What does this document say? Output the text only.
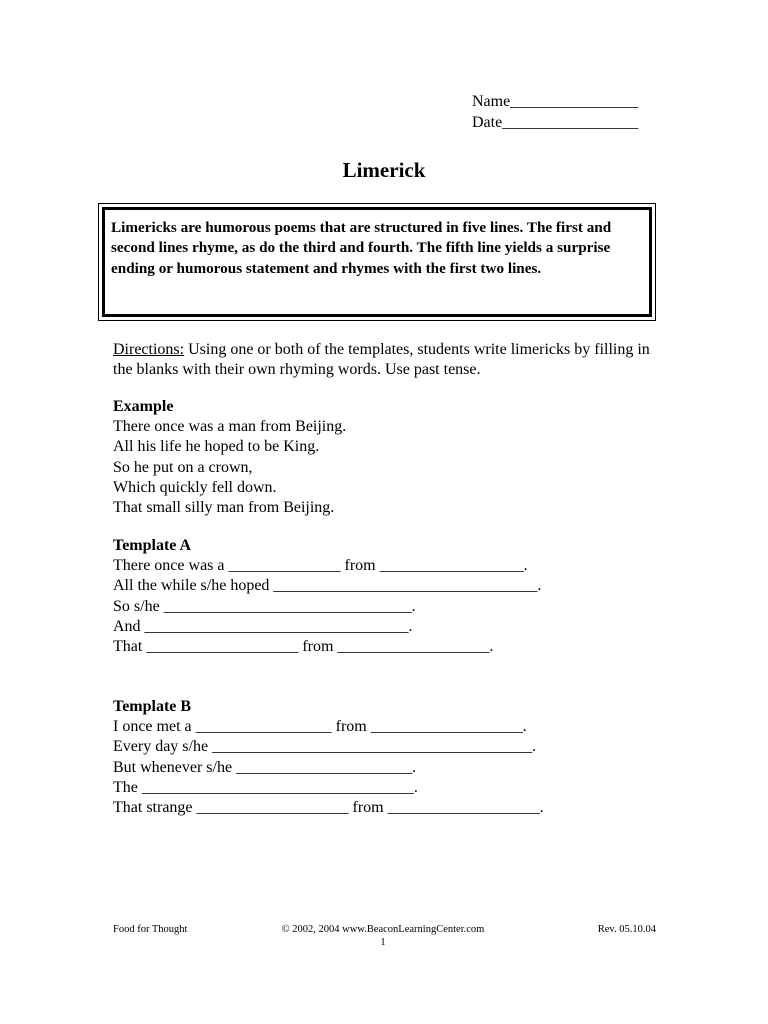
Name________________
Date_________________
Limerick
Limericks are humorous poems that are structured in five lines. The first and second lines rhyme, as do the third and fourth. The fifth line yields a surprise ending or humorous statement and rhymes with the first two lines.
Directions: Using one or both of the templates, students write limericks by filling in the blanks with their own rhyming words. Use past tense.
Example
There once was a man from Beijing.
All his life he hoped to be King.
So he put on a crown,
Which quickly fell down.
That small silly man from Beijing.
Template A
There once was a ______________ from __________________.
All the while s/he hoped _________________________________.
So s/he _______________________________.
And _________________________________.
That ___________________ from ___________________.
Template B
I once met a _________________ from ___________________.
Every day s/he ________________________________________.
But whenever s/he ______________________.
The __________________________________.
That strange ___________________ from ___________________.
Food for Thought	© 2002, 2004 www.BeaconLearningCenter.com
1
Rev. 05.10.04
